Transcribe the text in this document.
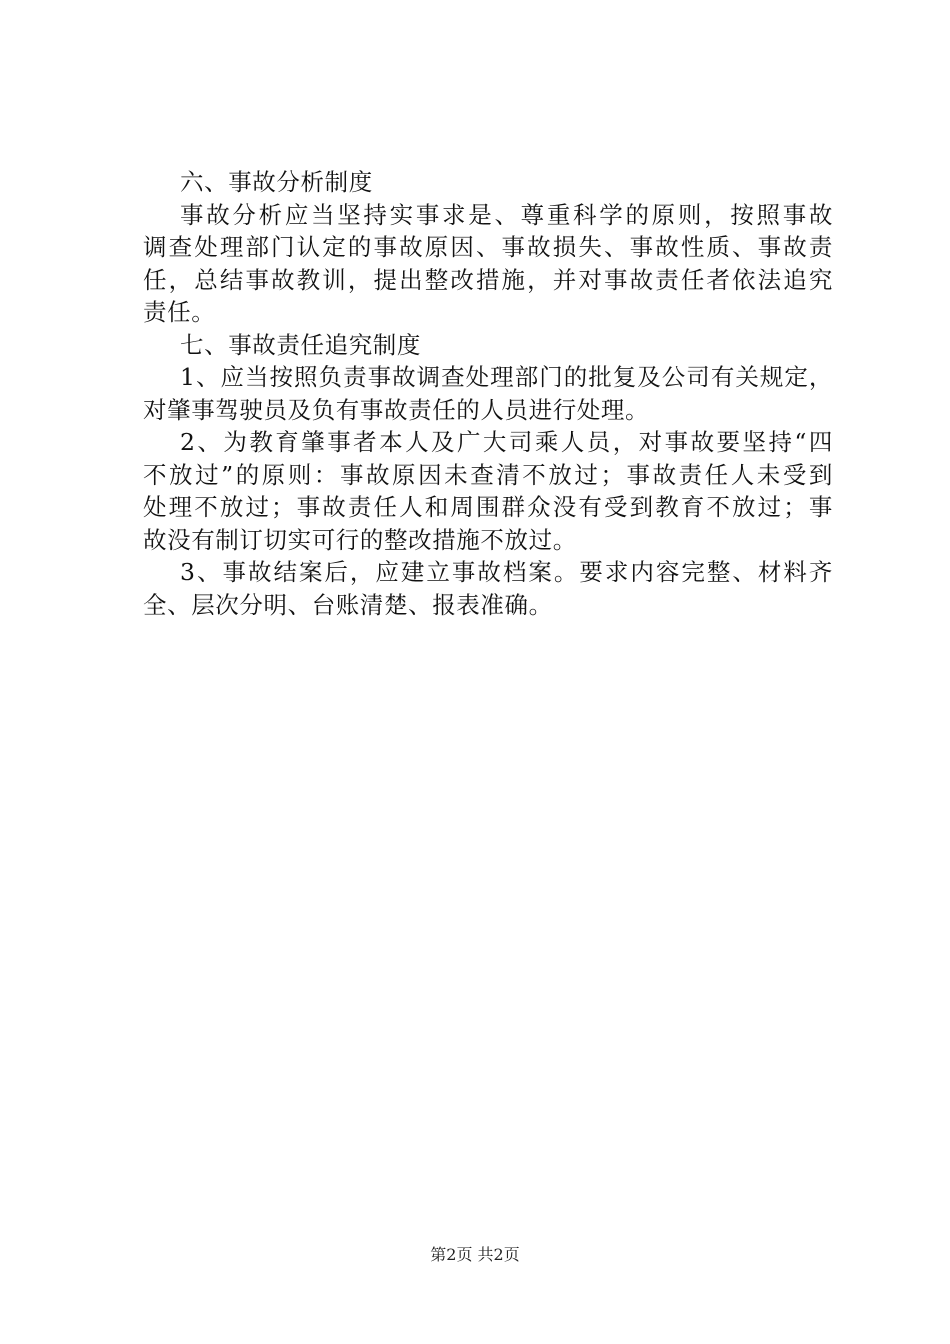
六、事故分析制度
事故分析应当坚持实事求是、尊重科学的原则，按照事故
调查处理部门认定的事故原因、事故损失、事故性质、事故责
任，总结事故教训，提出整改措施，并对事故责任者依法追究
责任。
七、事故责任追究制度
1、应当按照负责事故调查处理部门的批复及公司有关规定，
对肇事驾驶员及负有事故责任的人员进行处理。
2、为教育肇事者本人及广大司乘人员，对事故要坚持“四
不放过”的原则：事故原因未查清不放过；事故责任人未受到
处理不放过；事故责任人和周围群众没有受到教育不放过；事
故没有制订切实可行的整改措施不放过。
3、事故结案后，应建立事故档案。要求内容完整、材料齐
全、层次分明、台账清楚、报表准确。
第2页 共2页
